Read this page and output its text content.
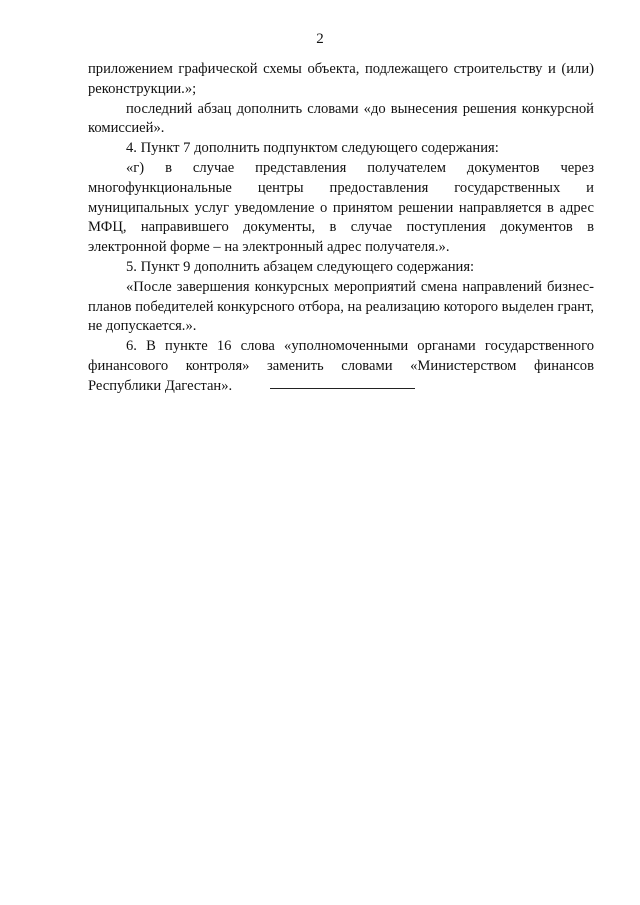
2

приложением графической схемы объекта, подлежащего строительству и (или) реконструкции.»;

последний абзац дополнить словами «до вынесения решения конкурсной комиссией».

4. Пункт 7 дополнить подпунктом следующего содержания:

«г) в случае представления получателем документов через многофункциональные центры предоставления государственных и муниципальных услуг уведомление о принятом решении направляется в адрес МФЦ, направившего документы, в случае поступления документов в электронной форме – на электронный адрес получателя.».

5. Пункт 9 дополнить абзацем следующего содержания:

«После завершения конкурсных мероприятий смена направлений бизнес-планов победителей конкурсного отбора, на реализацию которого выделен грант, не допускается.».

6. В пункте 16 слова «уполномоченными органами государственного финансового контроля» заменить словами «Министерством финансов Республики Дагестан».
